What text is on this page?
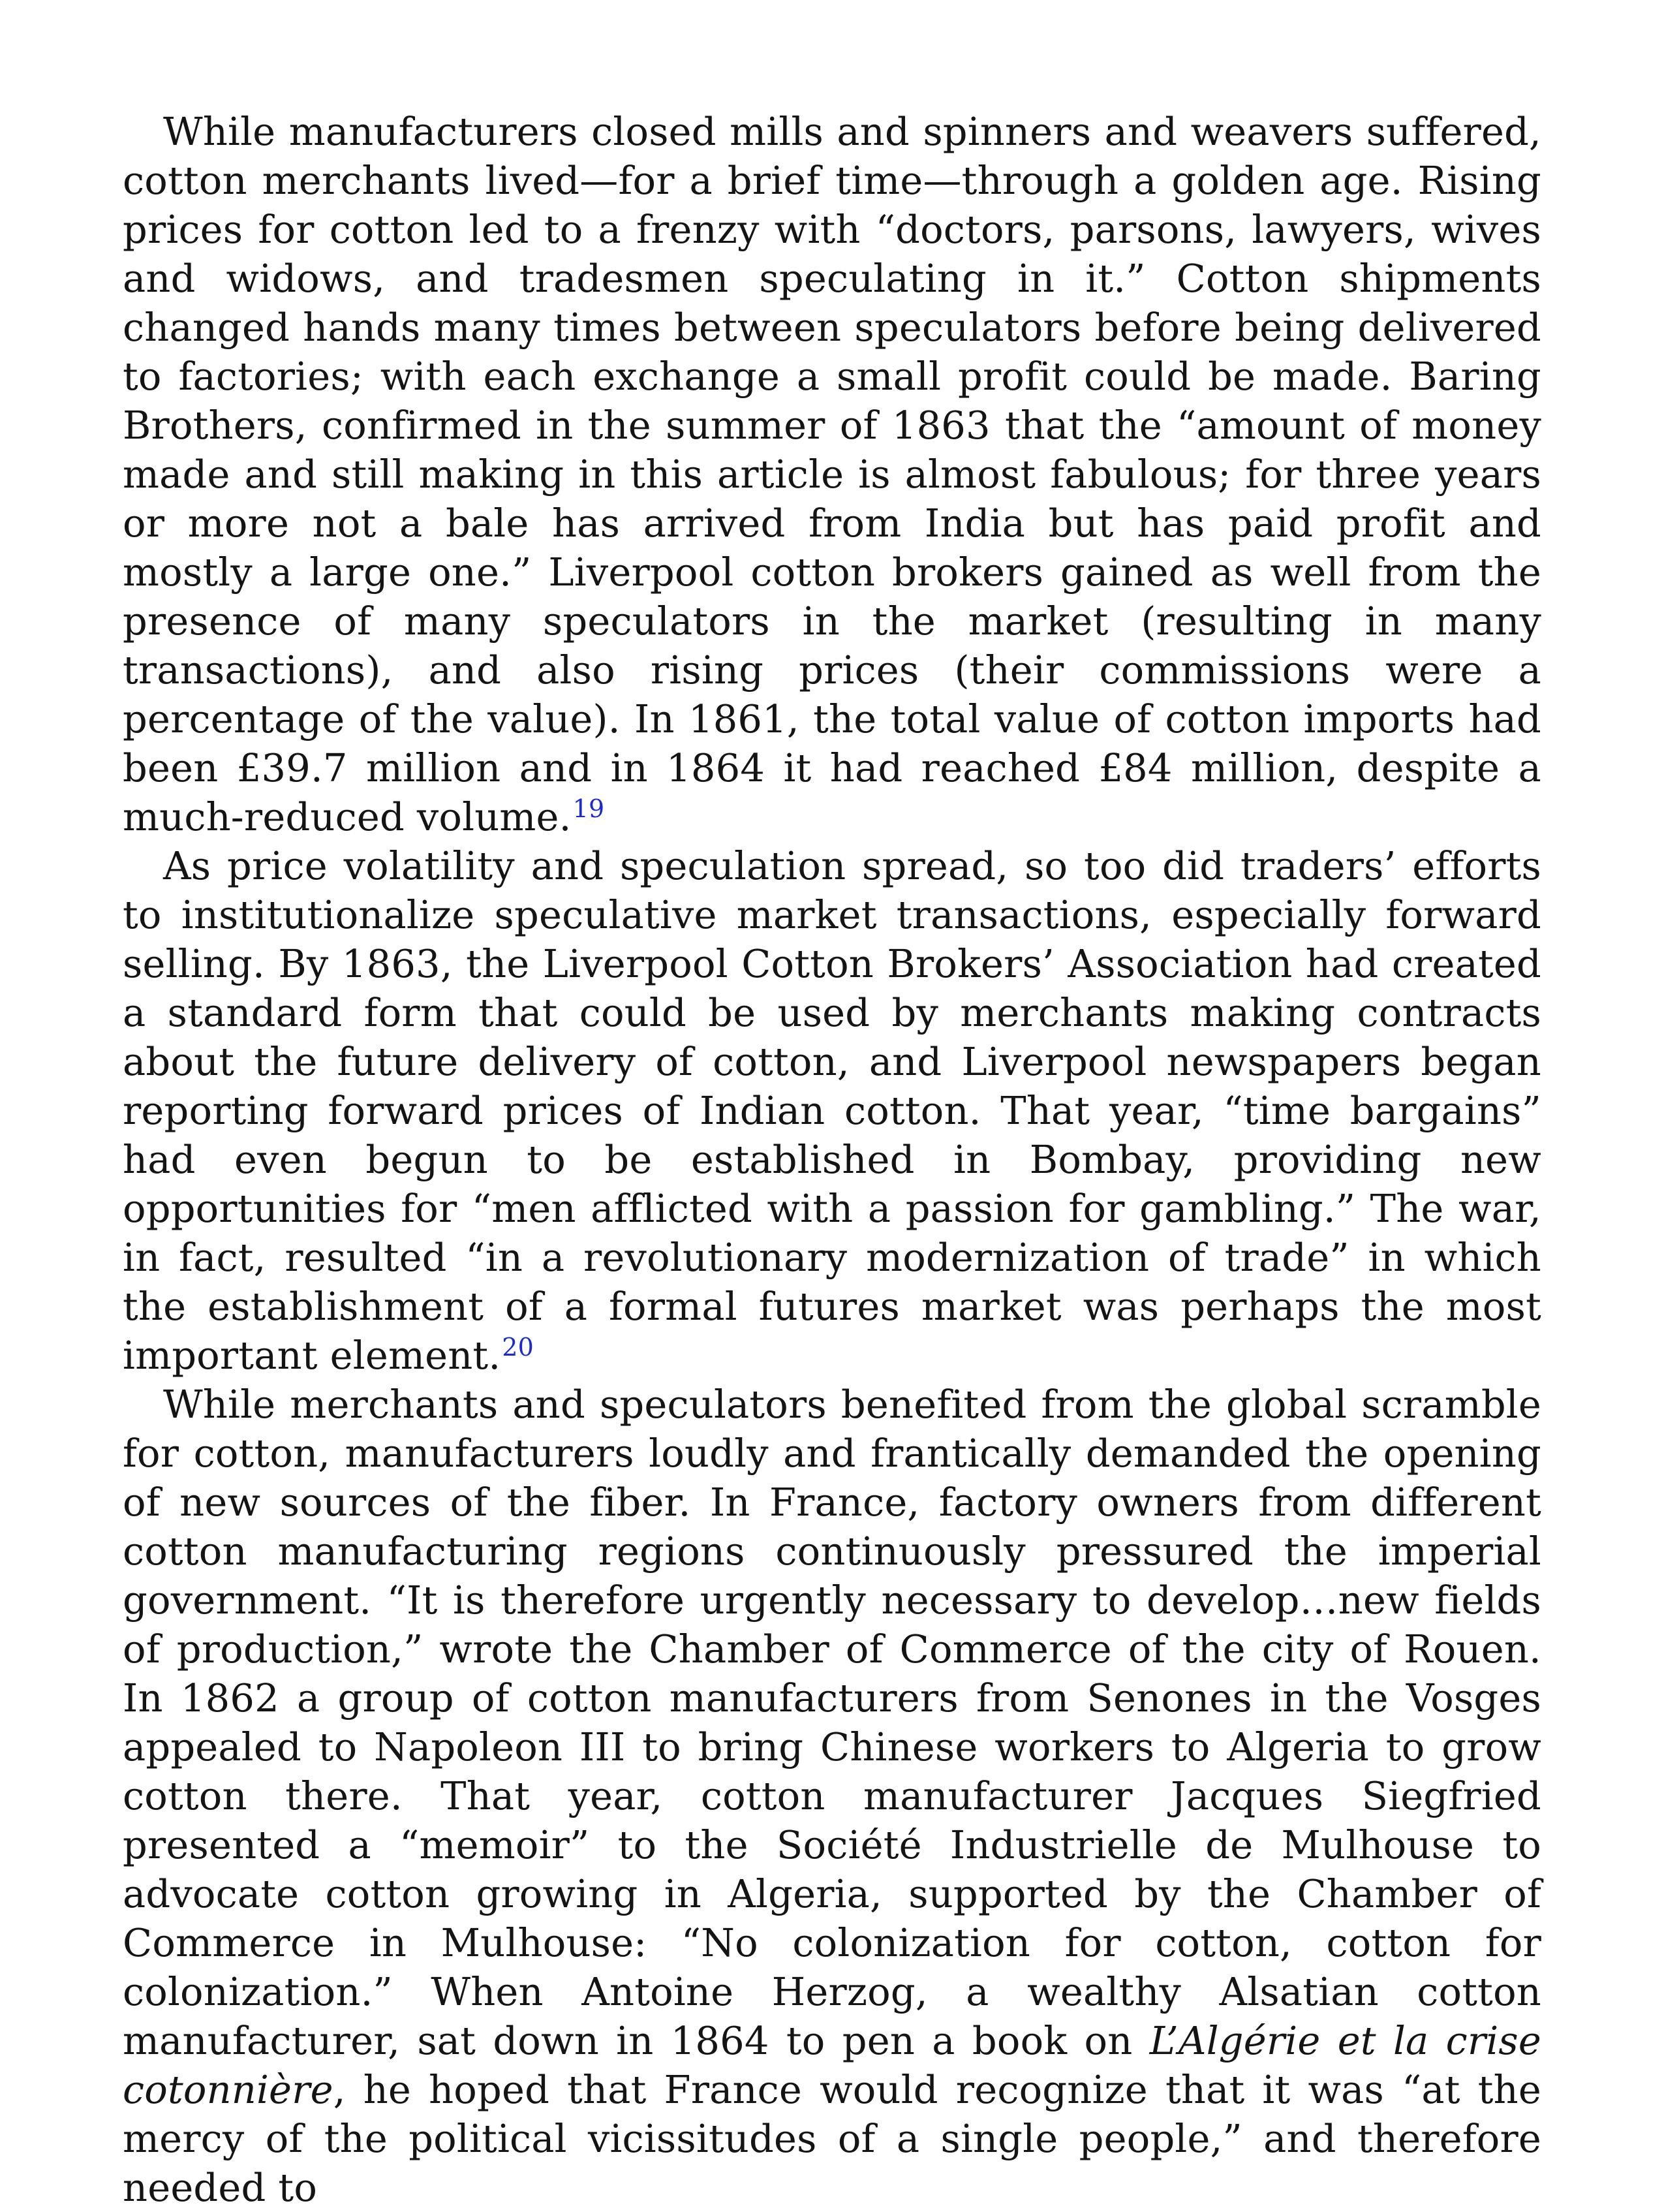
While manufacturers closed mills and spinners and weavers suffered, cotton merchants lived—for a brief time—through a golden age. Rising prices for cotton led to a frenzy with “doctors, parsons, lawyers, wives and widows, and tradesmen speculating in it.” Cotton shipments changed hands many times between speculators before being delivered to factories; with each exchange a small profit could be made. Baring Brothers, confirmed in the summer of 1863 that the “amount of money made and still making in this article is almost fabulous; for three years or more not a bale has arrived from India but has paid profit and mostly a large one.” Liverpool cotton brokers gained as well from the presence of many speculators in the market (resulting in many transactions), and also rising prices (their commissions were a percentage of the value). In 1861, the total value of cotton imports had been £39.7 million and in 1864 it had reached £84 million, despite a much-reduced volume.$^{19}$

As price volatility and speculation spread, so too did traders’ efforts to institutionalize speculative market transactions, especially forward selling. By 1863, the Liverpool Cotton Brokers’ Association had created a standard form that could be used by merchants making contracts about the future delivery of cotton, and Liverpool newspapers began reporting forward prices of Indian cotton. That year, “time bargains” had even begun to be established in Bombay, providing new opportunities for “men afflicted with a passion for gambling.” The war, in fact, resulted “in a revolutionary modernization of trade” in which the establishment of a formal futures market was perhaps the most important element.$^{20}$

While merchants and speculators benefited from the global scramble for cotton, manufacturers loudly and frantically demanded the opening of new sources of the fiber. In France, factory owners from different cotton manufacturing regions continuously pressured the imperial government. “It is therefore urgently necessary to develop…new fields of production,” wrote the Chamber of Commerce of the city of Rouen. In 1862 a group of cotton manufacturers from Senones in the Vosges appealed to Napoleon III to bring Chinese workers to Algeria to grow cotton there. That year, cotton manufacturer Jacques Siegfried presented a “memoir” to the Société Industrielle de Mulhouse to advocate cotton growing in Algeria, supported by the Chamber of Commerce in Mulhouse: “No colonization for cotton, cotton for colonization.” When Antoine Herzog, a wealthy Alsatian cotton manufacturer, sat down in 1864 to pen a book on L’Algérie et la crise cotonnière, he hoped that France would recognize that it was “at the mercy of the political vicissitudes of a single people,” and therefore needed to
